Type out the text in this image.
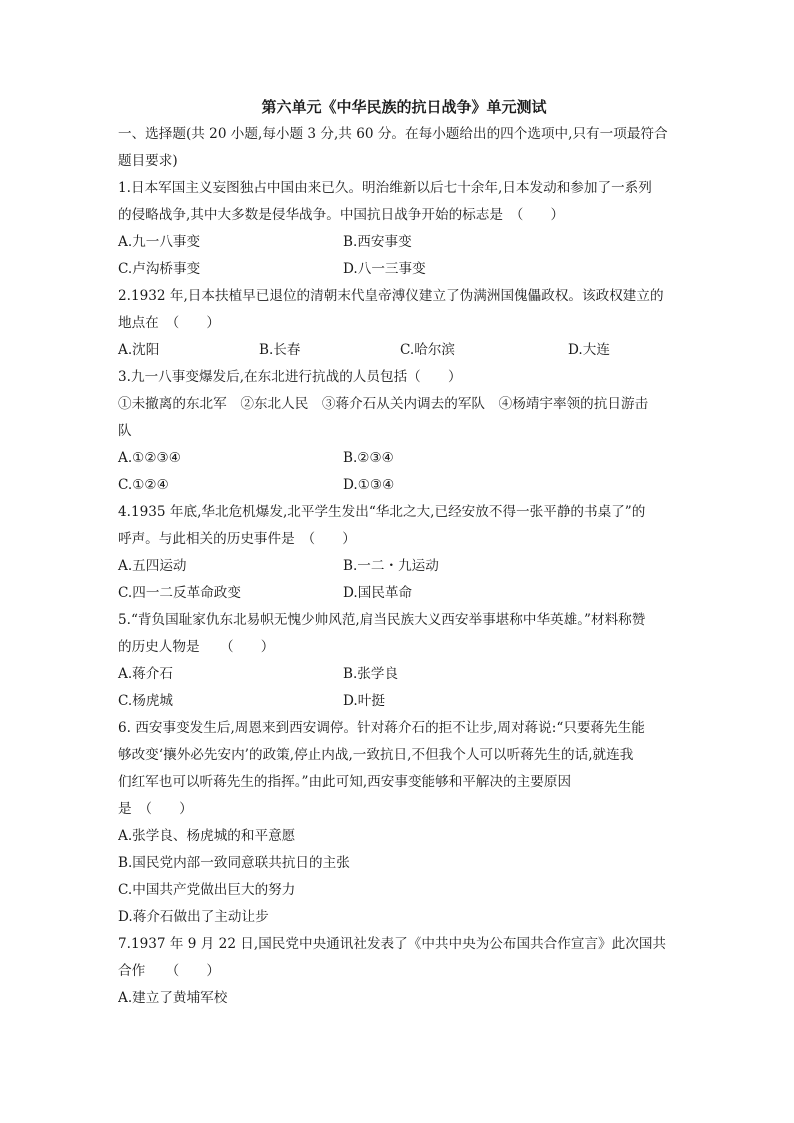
第六单元《中华民族的抗日战争》单元测试
一、选择题(共 20 小题,每小题 3 分,共 60 分。在每小题给出的四个选项中,只有一项最符合
题目要求)
1.日本军国主义妄图独占中国由来已久。明治维新以后七十余年,日本发动和参加了一系列
的侵略战争,其中大多数是侵华战争。中国抗日战争开始的标志是　（　　）
A.九一八事变	B.西安事变
C.卢沟桥事变	D.八一三事变
2.1932 年,日本扶植早已退位的清朝末代皇帝溥仪建立了伪满洲国傀儡政权。该政权建立的
地点在　（　　）
A.沈阳	B.长春	C.哈尔滨	D.大连
3.九一八事变爆发后,在东北进行抗战的人员包括（　　）
①未撤离的东北军　②东北人民　③蒋介石从关内调去的军队　④杨靖宇率领的抗日游击
队
A.①②③④	B.②③④
C.①②④	D.①③④
4.1935 年底,华北危机爆发,北平学生发出“华北之大,已经安放不得一张平静的书桌了”的
呼声。与此相关的历史事件是　（　　）
A.五四运动	B.一二・九运动
C.四一二反革命政变	D.国民革命
5.“背负国耻家仇东北易帜无愧少帅风范,肩当民族大义西安举事堪称中华英雄。”材料称赞
的历史人物是　　（　　）
A.蒋介石	B.张学良
C.杨虎城	D.叶挺
6. 西安事变发生后,周恩来到西安调停。针对蒋介石的拒不让步,周对蒋说:“只要蒋先生能
够改变‘攘外必先安内’的政策,停止内战,一致抗日,不但我个人可以听蒋先生的话,就连我
们红军也可以听蒋先生的指挥。”由此可知,西安事变能够和平解决的主要原因
是　（　　）
A.张学良、杨虎城的和平意愿
B.国民党内部一致同意联共抗日的主张
C.中国共产党做出巨大的努力
D.蒋介石做出了主动让步
7.1937 年 9 月 22 日,国民党中央通讯社发表了《中共中央为公布国共合作宣言》此次国共
合作　　（　　）
A.建立了黄埔军校
